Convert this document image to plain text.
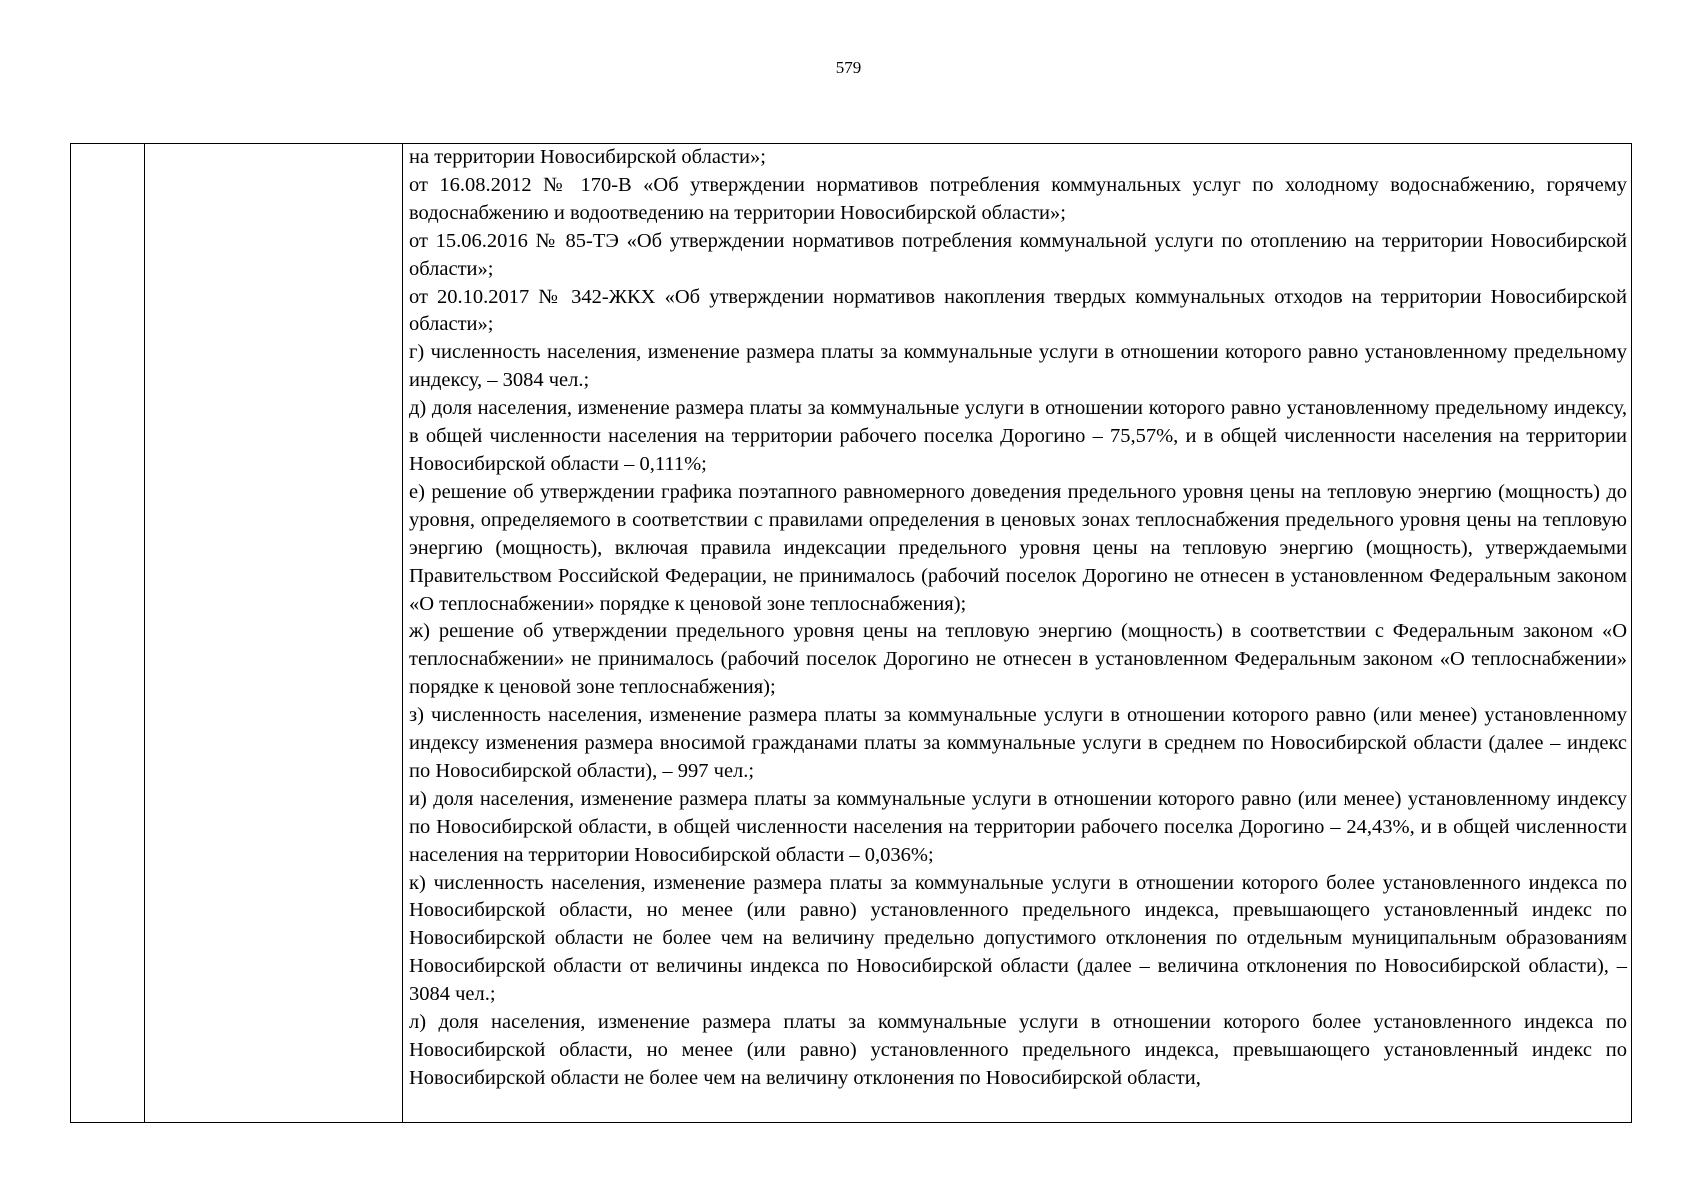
579

на территории Новосибирской области»;

от 16.08.2012 № 170-В «Об утверждении нормативов потребления коммунальных услуг по холодному водоснабжению, горячему водоснабжению и водоотведению на территории Новосибирской области»;

от 15.06.2016 № 85-ТЭ «Об утверждении нормативов потребления коммунальной услуги по отоплению на территории Новосибирской области»;

от 20.10.2017 № 342-ЖКХ «Об утверждении нормативов накопления твердых коммунальных отходов на территории Новосибирской области»;

г) численность населения, изменение размера платы за коммунальные услуги в отношении которого равно установленному предельному индексу, – 3084 чел.;

д) доля населения, изменение размера платы за коммунальные услуги в отношении которого равно установленному предельному индексу, в общей численности населения на территории рабочего поселка Дорогино – 75,57%, и в общей численности населения на территории Новосибирской области – 0,111%;

е) решение об утверждении графика поэтапного равномерного доведения предельного уровня цены на тепловую энергию (мощность) до уровня, определяемого в соответствии с правилами определения в ценовых зонах теплоснабжения предельного уровня цены на тепловую энергию (мощность), включая правила индексации предельного уровня цены на тепловую энергию (мощность), утверждаемыми Правительством Российской Федерации, не принималось (рабочий поселок Дорогино не отнесен в установленном Федеральным законом «О теплоснабжении» порядке к ценовой зоне теплоснабжения);

ж) решение об утверждении предельного уровня цены на тепловую энергию (мощность) в соответствии с Федеральным законом «О теплоснабжении» не принималось (рабочий поселок Дорогино не отнесен в установленном Федеральным законом «О теплоснабжении» порядке к ценовой зоне теплоснабжения);

з) численность населения, изменение размера платы за коммунальные услуги в отношении которого равно (или менее) установленному индексу изменения размера вносимой гражданами платы за коммунальные услуги в среднем по Новосибирской области (далее – индекс по Новосибирской области), – 997 чел.;

и) доля населения, изменение размера платы за коммунальные услуги в отношении которого равно (или менее) установленному индексу по Новосибирской области, в общей численности населения на территории рабочего поселка Дорогино – 24,43%, и в общей численности населения на территории Новосибирской области – 0,036%;

к) численность населения, изменение размера платы за коммунальные услуги в отношении которого более установленного индекса по Новосибирской области, но менее (или равно) установленного предельного индекса, превышающего установленный индекс по Новосибирской области не более чем на величину предельно допустимого отклонения по отдельным муниципальным образованиям Новосибирской области от величины индекса по Новосибирской области (далее – величина отклонения по Новосибирской области), – 3084 чел.;

л) доля населения, изменение размера платы за коммунальные услуги в отношении которого более установленного индекса по Новосибирской области, но менее (или равно) установленного предельного индекса, превышающего установленный индекс по Новосибирской области не более чем на величину отклонения по Новосибирской области,
